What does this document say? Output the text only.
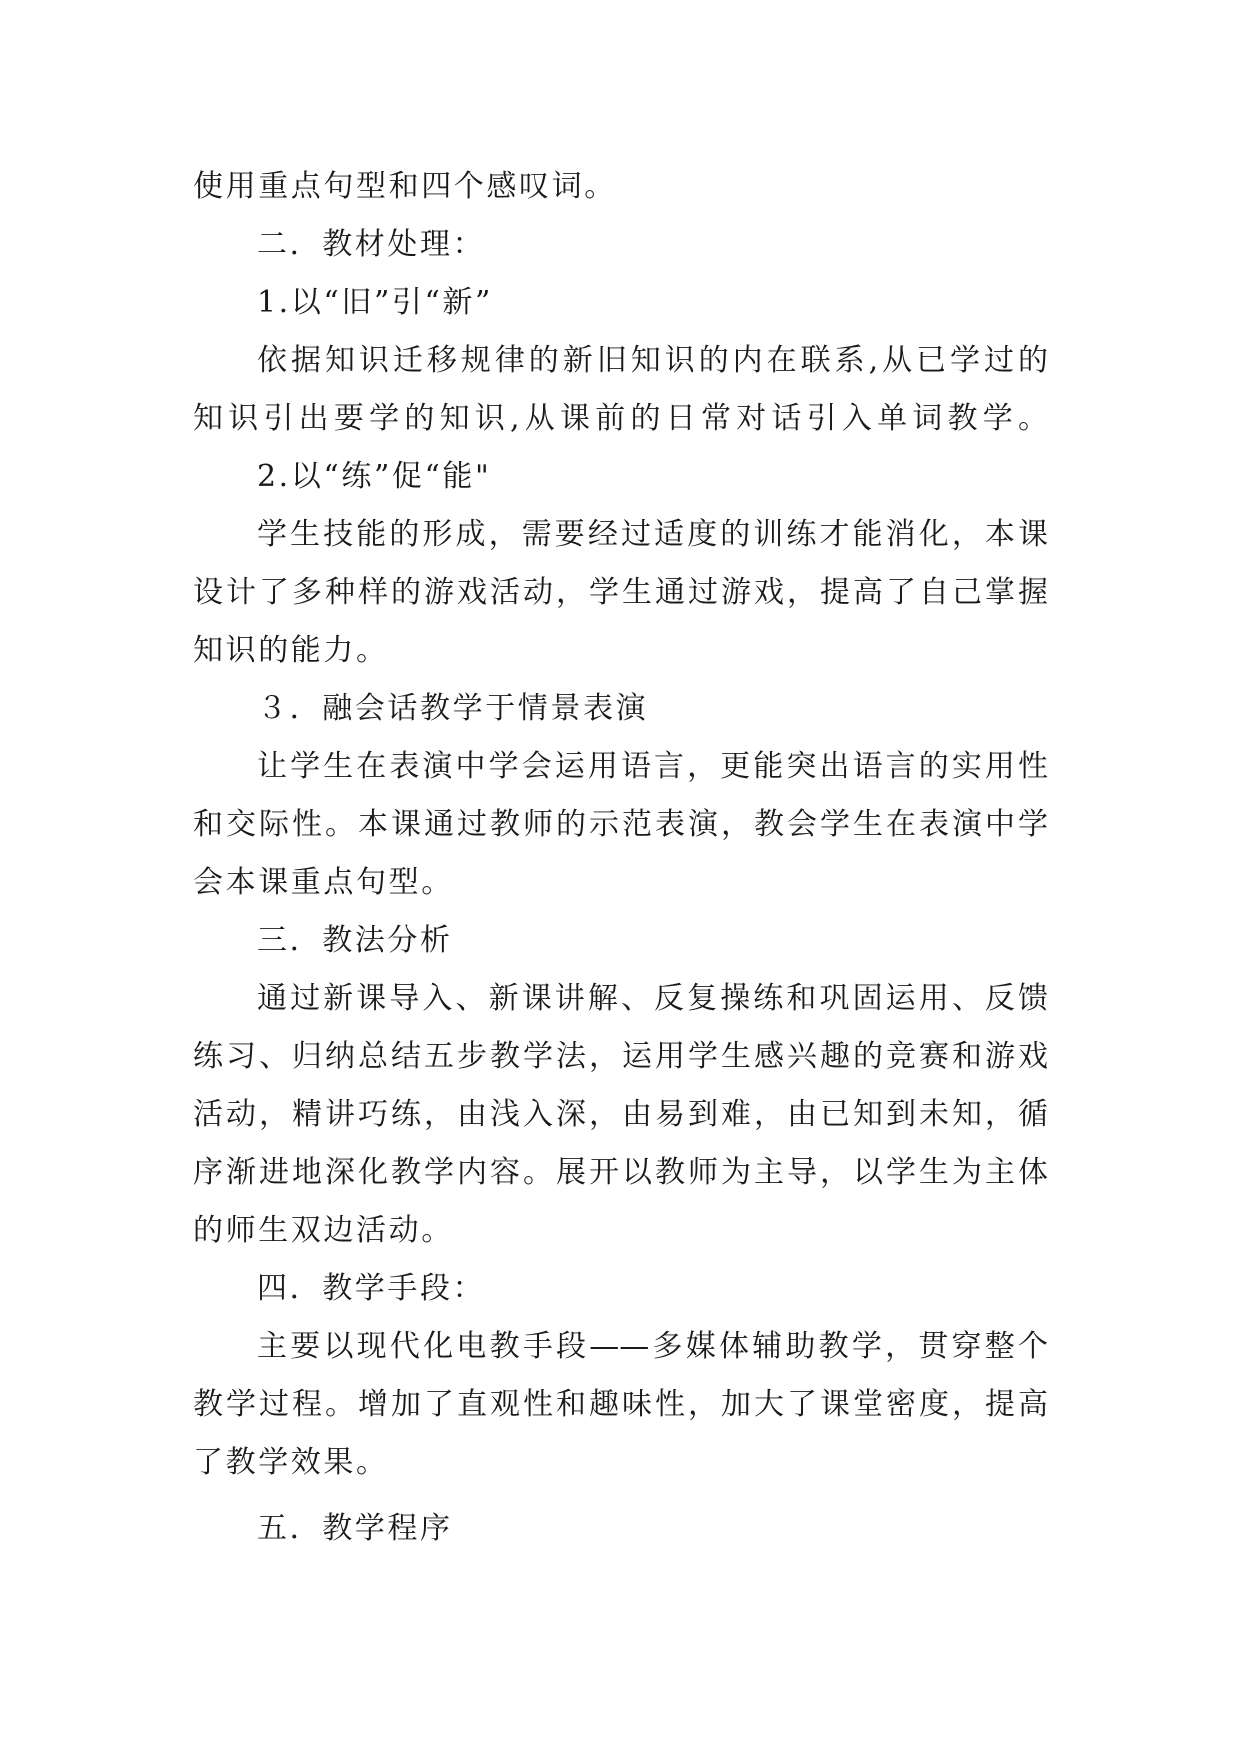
使用重点句型和四个感叹词。
二．教材处理：
1.以“旧”引“新”
依据知识迁移规律的新旧知识的内在联系,从已学过的
知识引出要学的知识,从课前的日常对话引入单词教学。
2.以“练”促“能"
学生技能的形成，需要经过适度的训练才能消化，本课
设计了多种样的游戏活动，学生通过游戏，提高了自己掌握
知识的能力。
３．融会话教学于情景表演
让学生在表演中学会运用语言，更能突出语言的实用性
和交际性。本课通过教师的示范表演，教会学生在表演中学
会本课重点句型。
三．教法分析
通过新课导入、新课讲解、反复操练和巩固运用、反馈
练习、归纳总结五步教学法，运用学生感兴趣的竞赛和游戏
活动，精讲巧练，由浅入深，由易到难，由已知到未知，循
序渐进地深化教学内容。展开以教师为主导，以学生为主体
的师生双边活动。
四．教学手段：
主要以现代化电教手段——多媒体辅助教学，贯穿整个
教学过程。增加了直观性和趣味性，加大了课堂密度，提高
了教学效果。
五．教学程序
